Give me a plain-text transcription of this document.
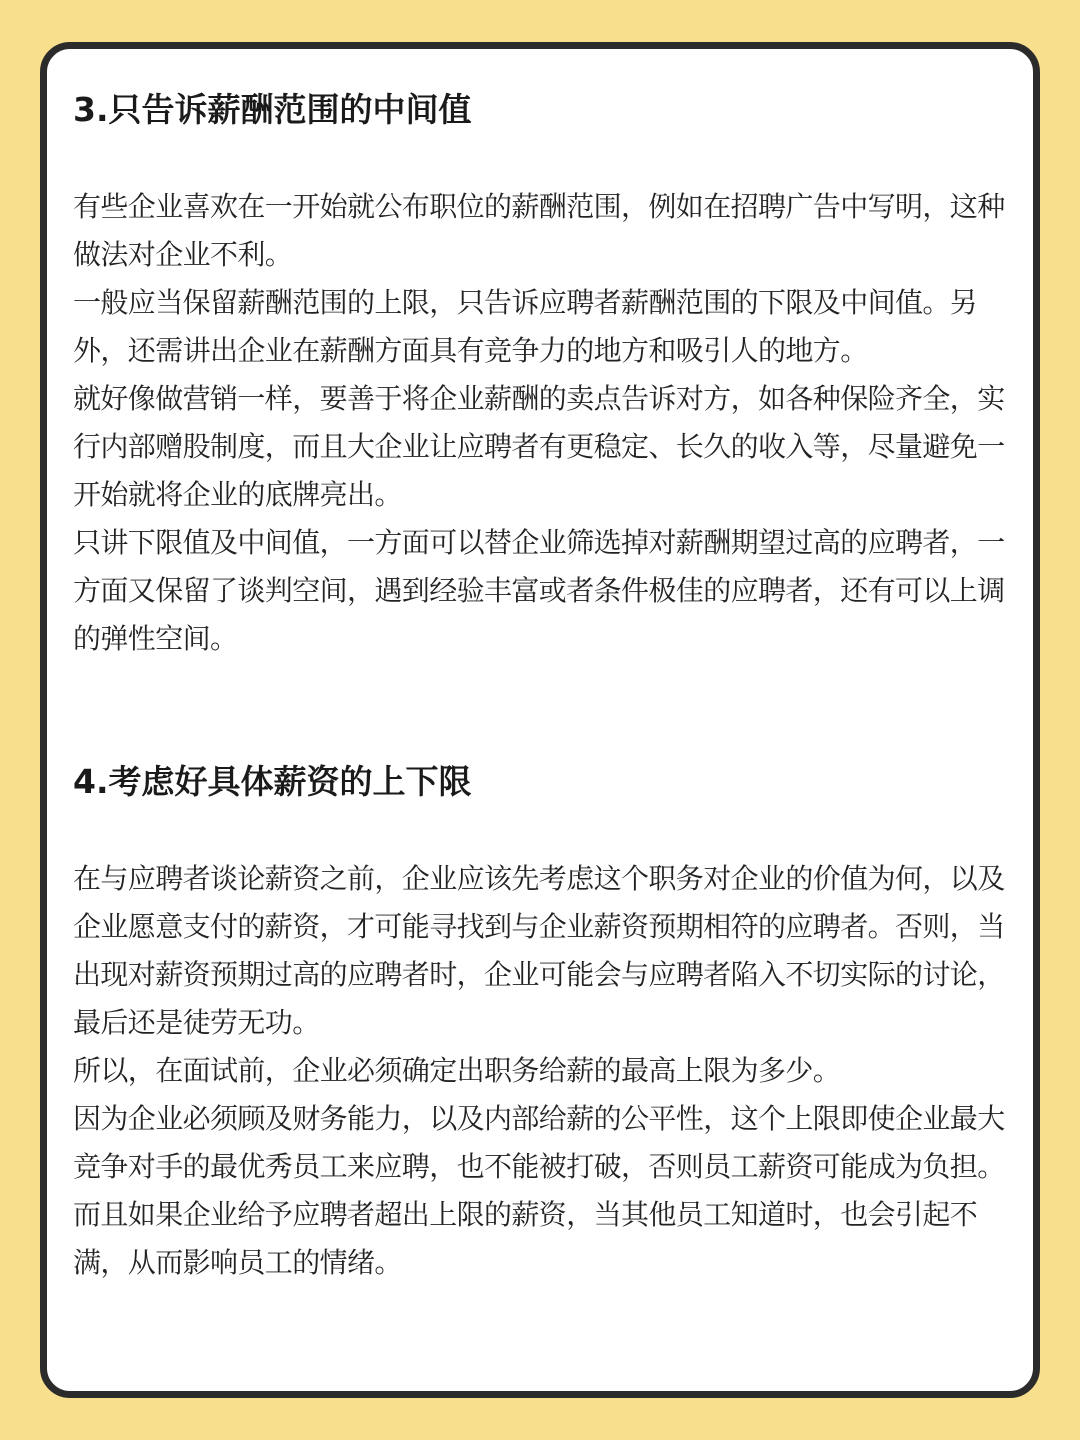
3.只告诉薪酬范围的中间值

有些企业喜欢在一开始就公布职位的薪酬范围，例如在招聘广告中写明，这种做法对企业不利。

一般应当保留薪酬范围的上限，只告诉应聘者薪酬范围的下限及中间值。另外，还需讲出企业在薪酬方面具有竞争力的地方和吸引人的地方。

就好像做营销一样，要善于将企业薪酬的卖点告诉对方，如各种保险齐全，实行内部赠股制度，而且大企业让应聘者有更稳定、长久的收入等，尽量避免一开始就将企业的底牌亮出。

只讲下限值及中间值，一方面可以替企业筛选掉对薪酬期望过高的应聘者，一方面又保留了谈判空间，遇到经验丰富或者条件极佳的应聘者，还有可以上调的弹性空间。

4.考虑好具体薪资的上下限

在与应聘者谈论薪资之前，企业应该先考虑这个职务对企业的价值为何，以及企业愿意支付的薪资，才可能寻找到与企业薪资预期相符的应聘者。否则，当出现对薪资预期过高的应聘者时，企业可能会与应聘者陷入不切实际的讨论，最后还是徒劳无功。

所以，在面试前，企业必须确定出职务给薪的最高上限为多少。

因为企业必须顾及财务能力，以及内部给薪的公平性，这个上限即使企业最大竞争对手的最优秀员工来应聘，也不能被打破，否则员工薪资可能成为负担。

而且如果企业给予应聘者超出上限的薪资，当其他员工知道时，也会引起不满，从而影响员工的情绪。
